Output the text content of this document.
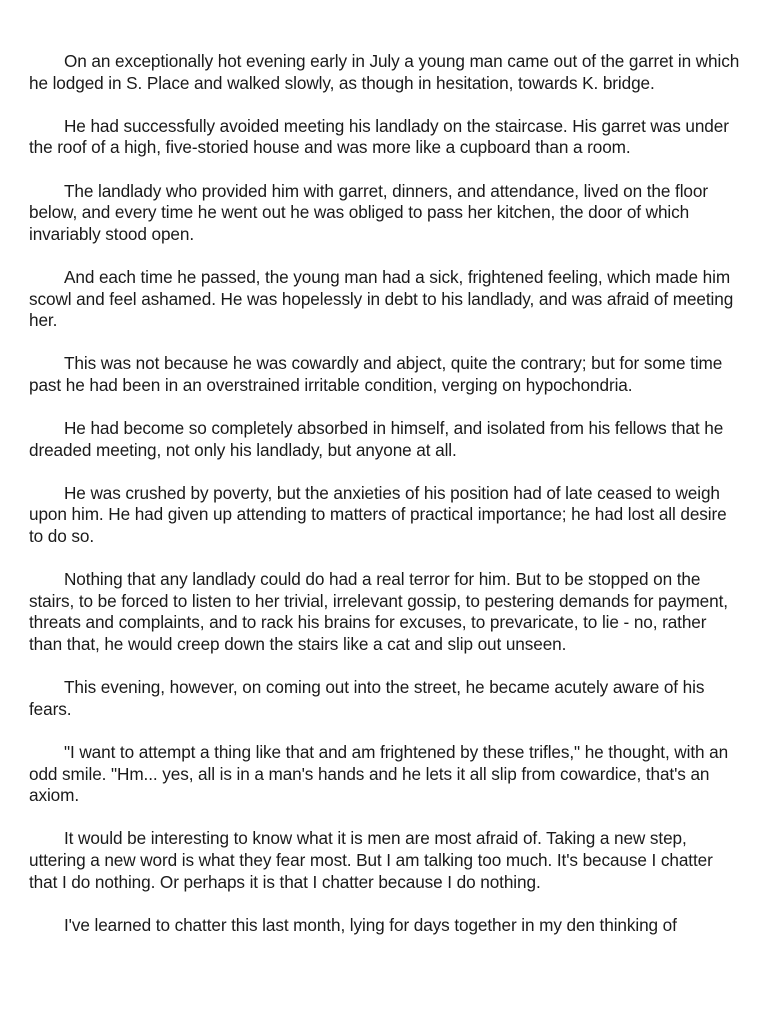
On an exceptionally hot evening early in July a young man came out of the garret in which he lodged in S. Place and walked slowly, as though in hesitation, towards K. bridge.

He had successfully avoided meeting his landlady on the staircase. His garret was under the roof of a high, five-storied house and was more like a cupboard than a room.

The landlady who provided him with garret, dinners, and attendance, lived on the floor below, and every time he went out he was obliged to pass her kitchen, the door of which invariably stood open.

And each time he passed, the young man had a sick, frightened feeling, which made him scowl and feel ashamed. He was hopelessly in debt to his landlady, and was afraid of meeting her.

This was not because he was cowardly and abject, quite the contrary; but for some time past he had been in an overstrained irritable condition, verging on hypochondria.

He had become so completely absorbed in himself, and isolated from his fellows that he dreaded meeting, not only his landlady, but anyone at all.

He was crushed by poverty, but the anxieties of his position had of late ceased to weigh upon him. He had given up attending to matters of practical importance; he had lost all desire to do so.

Nothing that any landlady could do had a real terror for him. But to be stopped on the stairs, to be forced to listen to her trivial, irrelevant gossip, to pestering demands for payment, threats and complaints, and to rack his brains for excuses, to prevaricate, to lie - no, rather than that, he would creep down the stairs like a cat and slip out unseen.

This evening, however, on coming out into the street, he became acutely aware of his fears.

"I want to attempt a thing like that and am frightened by these trifles," he thought, with an odd smile. "Hm... yes, all is in a man's hands and he lets it all slip from cowardice, that's an axiom.

It would be interesting to know what it is men are most afraid of. Taking a new step, uttering a new word is what they fear most. But I am talking too much. It's because I chatter that I do nothing. Or perhaps it is that I chatter because I do nothing.

I've learned to chatter this last month, lying for days together in my den thinking of
